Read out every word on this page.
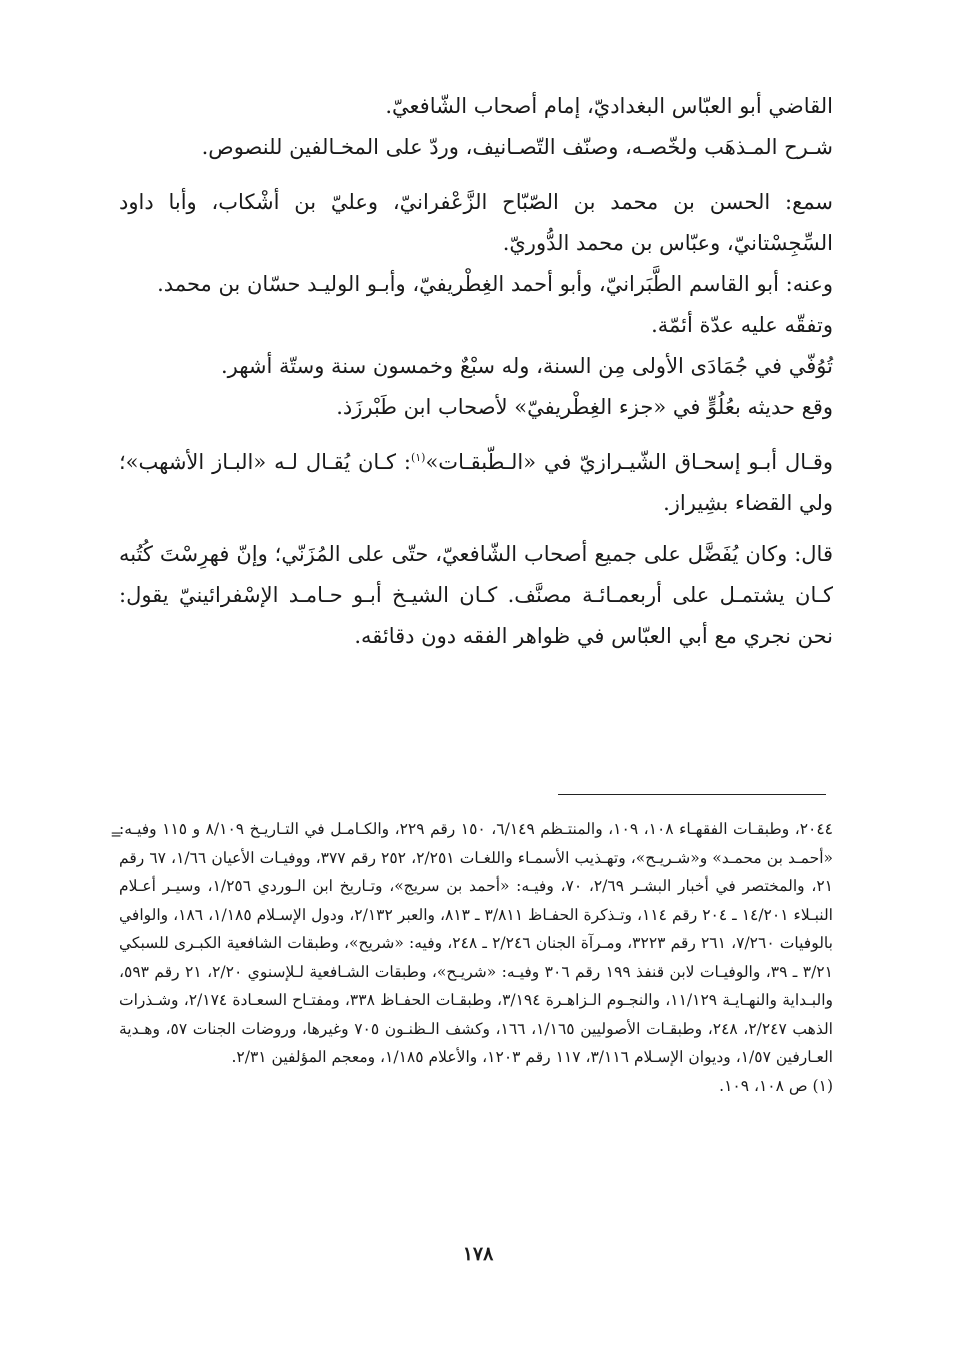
القاضي أبو العبّاس البغداديّ، إمام أصحاب الشّافعيّ.

شـرح المـذهَب ولخّصـه، وصنّف التّصـانيف، وردّ على المخـالفين للنصوص.

سمع: الحسن بن محمد بن الصّبّاح الزَّعْفرانيّ، وعليّ بن أشْكاب، وأبا داود السِّجِسْتانيّ، وعبّاس بن محمد الدُّوريّ.

وعنه: أبو القاسم الطَّبَرانيّ، وأبو أحمد الغِطْريفيّ، وأبـو الوليـد حسّان بن محمد.

وتفقّه عليه عدّة أئمّة.

تُوُفّي في جُمَادَى الأولى مِن السنة، وله سبْعٌ وخمسون سنة وستّة أشهر.

وقع حديثه بعُلُوٍّ في «جزء الغِطْريفيّ» لأصحاب ابن طَبْرزَذ.

وقـال أبـو إسحـاق الشّيـرازيّ في «الـطّبقـات»$^{(١)}$: كـان يُقـال لـه «البـاز الأشهب»؛ ولي القضاء بشِيراز.

قال: وكان يُفَضَّل على جميع أصحاب الشّافعيّ، حتّى على المُزَنّي؛ وإنّ فهرِسْتَ كُتُبه كـان يشتمـل على أربعمـائـة مصنَّف. كـان الشيـخ أبـو حـامـد الإسْفرائينيّ يقول: نحن نجري مع أبي العبّاس في ظواهر الفقه دون دقائقه.

=

٢٠٤٤، وطبقـات الفقهـاء ١٠٨، ١٠٩، والمنتـظم ٦/١٤٩، ١٥٠ رقم ٢٢٩، والكـامـل في التـاريـخ ٨/١٠٩ و ١١٥ وفيـه: «أحمـد بن محمـد» و«شـريـح»، وتهـذيب الأسمـاء واللغـات ٢/٢٥١، ٢٥٢ رقم ٣٧٧، ووفيـات الأعيان ١/٦٦، ٦٧ رقم ٢١، والمختصر في أخبار البشـر ٢/٦٩، ٧٠، وفيـه: «أحمد بن سريج»، وتـاريخ ابن الـوردي ١/٢٥٦، وسيـر أعـلام النبـلاء ١٤/٢٠١ ـ ٢٠٤ رقم ١١٤، وتـذكرة الحفـاظ ٣/٨١١ ـ ٨١٣، والعبر ٢/١٣٢، ودول الإسـلام ١/١٨٥، ١٨٦، والوافي بالوفيات ٧/٢٦٠، ٢٦١ رقم ٣٢٢٣، ومـرآة الجنان ٢/٢٤٦ ـ ٢٤٨، وفيه: «شريح»، وطبقات الشافعية الكبـرى للسبكي ٣/٢١ ـ ٣٩، والوفيـات لابن قنفذ ١٩٩ رقم ٣٠٦ وفيـه: «شريـح»، وطبقات الشـافعية لـلإسنوي ٢/٢٠، ٢١ رقم ٥٩٣، والبـداية والنهـايـة ١١/١٢٩، والنجـوم الـزاهـرة ٣/١٩٤، وطبقـات الحفـاظ ٣٣٨، ومفتـاح السعـادة ٢/١٧٤، وشـذرات الذهب ٢/٢٤٧، ٢٤٨، وطبقـات الأصوليين ١/١٦٥، ١٦٦، وكشف الـظنـون ٧٠٥ وغيرها، وروضات الجنات ٥٧، وهـدية العـارفين ١/٥٧، وديوان الإسـلام ٣/١١٦، ١١٧ رقم ١٢٠٣، والأعلام ١/١٨٥، ومعجم المؤلفين ٢/٣١.

(١) ص ١٠٨، ١٠٩.

١٧٨
